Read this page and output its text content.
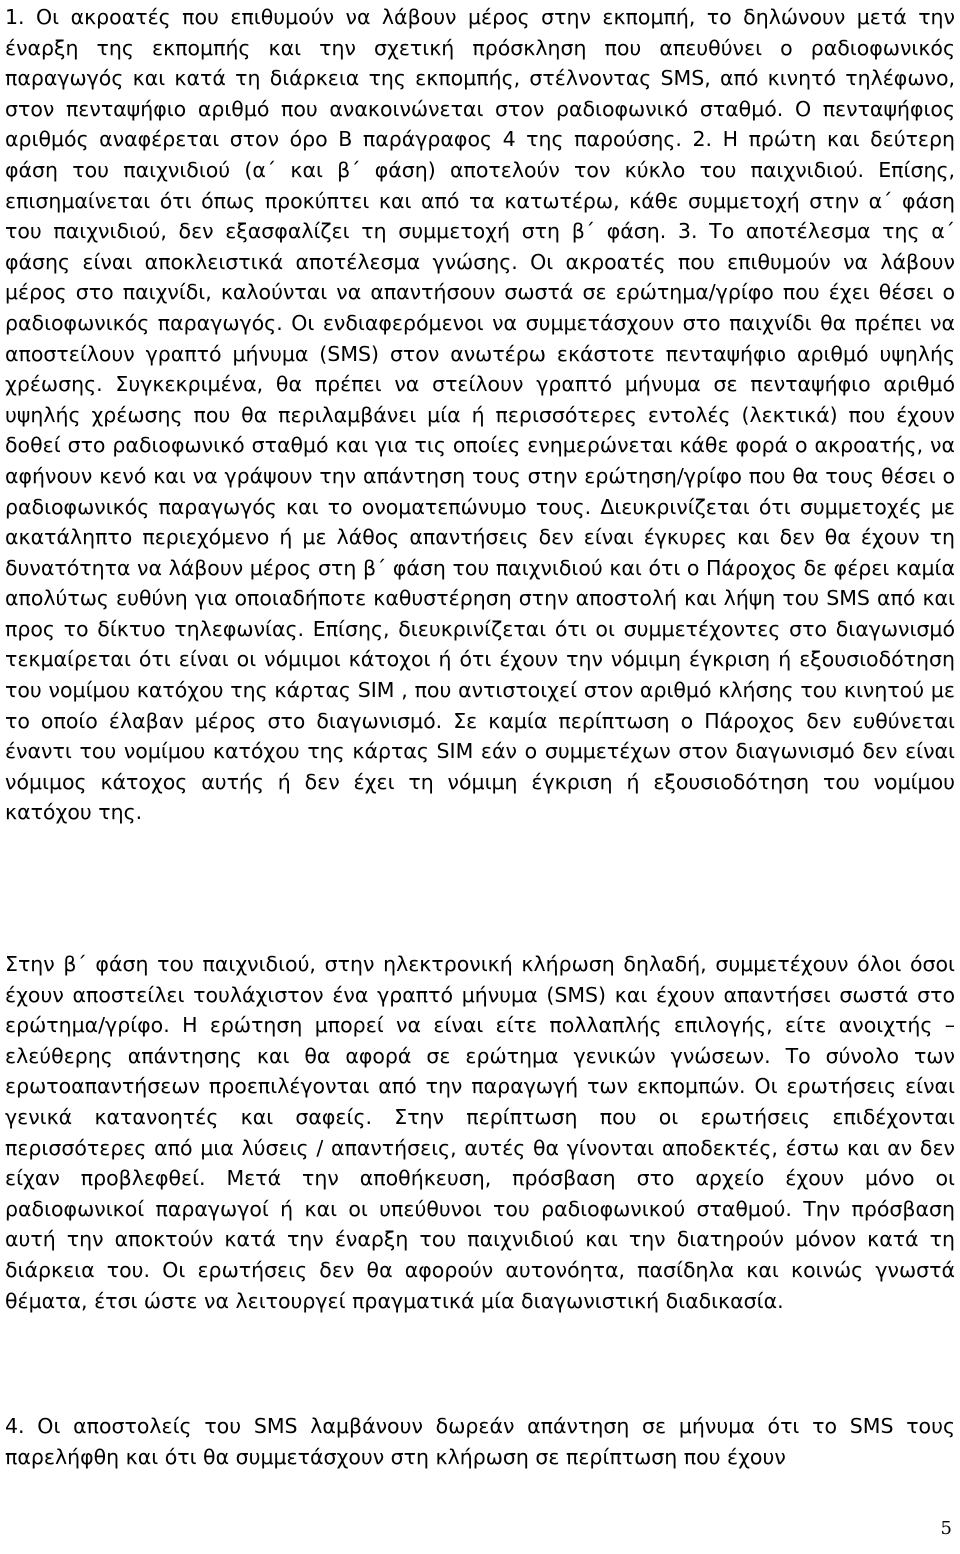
1. Οι ακροατές που επιθυμούν να λάβουν μέρος στην εκπομπή, το δηλώνουν μετά την έναρξη της εκπομπής και την σχετική πρόσκληση που απευθύνει ο ραδιοφωνικός παραγωγός και κατά τη διάρκεια της εκπομπής, στέλνοντας SMS, από κινητό τηλέφωνο, στον πενταψήφιο αριθμό που ανακοινώνεται στον ραδιοφωνικό σταθμό. Ο πενταψήφιος αριθμός αναφέρεται στον όρο Β παράγραφος 4 της παρούσης. 2. Η πρώτη και δεύτερη φάση του παιχνιδιού (α΄ και β΄ φάση) αποτελούν τον κύκλο του παιχνιδιού. Επίσης, επισημαίνεται ότι όπως προκύπτει και από τα κατωτέρω, κάθε συμμετοχή στην α΄ φάση του παιχνιδιού, δεν εξασφαλίζει τη συμμετοχή στη β΄ φάση. 3. Το αποτέλεσμα της α΄ φάσης είναι αποκλειστικά αποτέλεσμα γνώσης. Οι ακροατές που επιθυμούν να λάβουν μέρος στο παιχνίδι, καλούνται να απαντήσουν σωστά σε ερώτημα/γρίφο που έχει θέσει ο ραδιοφωνικός παραγωγός. Οι ενδιαφερόμενοι να συμμετάσχουν στο παιχνίδι θα πρέπει να αποστείλουν γραπτό μήνυμα (SMS) στον ανωτέρω εκάστοτε πενταψήφιο αριθμό υψηλής χρέωσης. Συγκεκριμένα, θα πρέπει να στείλουν γραπτό μήνυμα σε πενταψήφιο αριθμό υψηλής χρέωσης που θα περιλαμβάνει μία ή περισσότερες εντολές (λεκτικά) που έχουν δοθεί στο ραδιοφωνικό σταθμό και για τις οποίες ενημερώνεται κάθε φορά ο ακροατής, να αφήνουν κενό και να γράψουν την απάντηση τους στην ερώτηση/γρίφο που θα τους θέσει ο ραδιοφωνικός παραγωγός και το ονοματεπώνυμο τους. Διευκρινίζεται ότι συμμετοχές με ακατάληπτο περιεχόμενο ή με λάθος απαντήσεις δεν είναι έγκυρες και δεν θα έχουν τη δυνατότητα να λάβουν μέρος στη β΄ φάση του παιχνιδιού και ότι ο Πάροχος δε φέρει καμία απολύτως ευθύνη για οποιαδήποτε καθυστέρηση στην αποστολή και λήψη του SMS από και προς το δίκτυο τηλεφωνίας. Επίσης, διευκρινίζεται ότι οι συμμετέχοντες στο διαγωνισμό τεκμαίρεται ότι είναι οι νόμιμοι κάτοχοι ή ότι έχουν την νόμιμη έγκριση ή εξουσιοδότηση του νομίμου κατόχου της κάρτας SIM , που αντιστοιχεί στον αριθμό κλήσης του κινητού με το οποίο έλαβαν μέρος στο διαγωνισμό. Σε καμία περίπτωση ο Πάροχος δεν ευθύνεται έναντι του νομίμου κατόχου της κάρτας SIM εάν ο συμμετέχων στον διαγωνισμό δεν είναι νόμιμος κάτοχος αυτής ή δεν έχει τη νόμιμη έγκριση ή εξουσιοδότηση του νομίμου κατόχου της.

Στην β΄ φάση του παιχνιδιού, στην ηλεκτρονική κλήρωση δηλαδή, συμμετέχουν όλοι όσοι έχουν αποστείλει τουλάχιστον ένα γραπτό μήνυμα (SMS) και έχουν απαντήσει σωστά στο ερώτημα/γρίφο. Η ερώτηση μπορεί να είναι είτε πολλαπλής επιλογής, είτε ανοιχτής – ελεύθερης απάντησης και θα αφορά σε ερώτημα γενικών γνώσεων. Το σύνολο των ερωτοαπαντήσεων προεπιλέγονται από την παραγωγή των εκπομπών. Οι ερωτήσεις είναι γενικά κατανοητές και σαφείς. Στην περίπτωση που οι ερωτήσεις επιδέχονται περισσότερες από μια λύσεις / απαντήσεις, αυτές θα γίνονται αποδεκτές, έστω και αν δεν είχαν προβλεφθεί. Μετά την αποθήκευση, πρόσβαση στο αρχείο έχουν μόνο οι ραδιοφωνικοί παραγωγοί ή και οι υπεύθυνοι του ραδιοφωνικού σταθμού. Την πρόσβαση αυτή την αποκτούν κατά την έναρξη του παιχνιδιού και την διατηρούν μόνον κατά τη διάρκεια του. Οι ερωτήσεις δεν θα αφορούν αυτονόητα, πασίδηλα και κοινώς γνωστά θέματα, έτσι ώστε να λειτουργεί πραγματικά μία διαγωνιστική διαδικασία.

4. Οι αποστολείς του SMS λαμβάνουν δωρεάν απάντηση σε μήνυμα ότι το SMS τους παρελήφθη και ότι θα συμμετάσχουν στη κλήρωση σε περίπτωση που έχουν

5
